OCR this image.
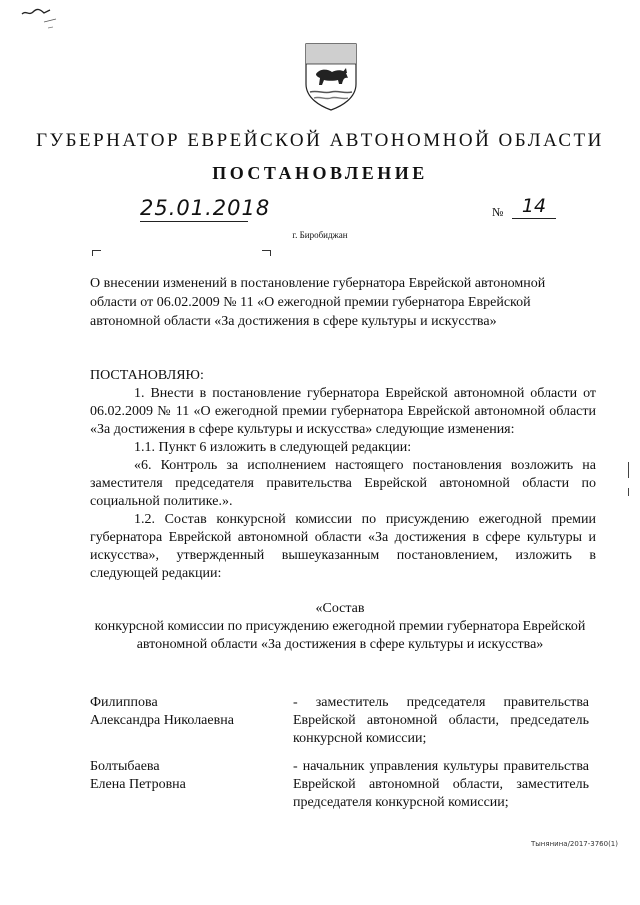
ГУБЕРНАТОР ЕВРЕЙСКОЙ АВТОНОМНОЙ ОБЛАСТИ
ПОСТАНОВЛЕНИЕ
25.01.2018	№ 14
г. Биробиджан
О внесении изменений в постановление губернатора Еврейской автономной области от 06.02.2009 № 11 «О ежегодной премии губернатора Еврейской автономной области «За достижения в сфере культуры и искусства»

ПОСТАНОВЛЯЮ:

1. Внести в постановление губернатора Еврейской автономной области от 06.02.2009 № 11 «О ежегодной премии губернатора Еврейской автономной области «За достижения в сфере культуры и искусства» следующие изменения:

1.1. Пункт 6 изложить в следующей редакции:

«6. Контроль за исполнением настоящего постановления возложить на заместителя председателя правительства Еврейской автономной области по социальной политике.».

1.2. Состав конкурсной комиссии по присуждению ежегодной премии губернатора Еврейской автономной области «За достижения в сфере культуры и искусства», утвержденный вышеуказанным постановлением, изложить в следующей редакции:

«Состав
конкурсной комиссии по присуждению ежегодной премии губернатора Еврейской автономной области «За достижения в сфере культуры и искусства»
Филиппова
Александра Николаевна
- заместитель председателя правительства Еврейской автономной области, председатель конкурсной комиссии;
Болтыбаева
Елена Петровна
- начальник управления культуры правительства Еврейской автономной области, заместитель председателя конкурсной комиссии;
Тынянина/2017-3760(1)
